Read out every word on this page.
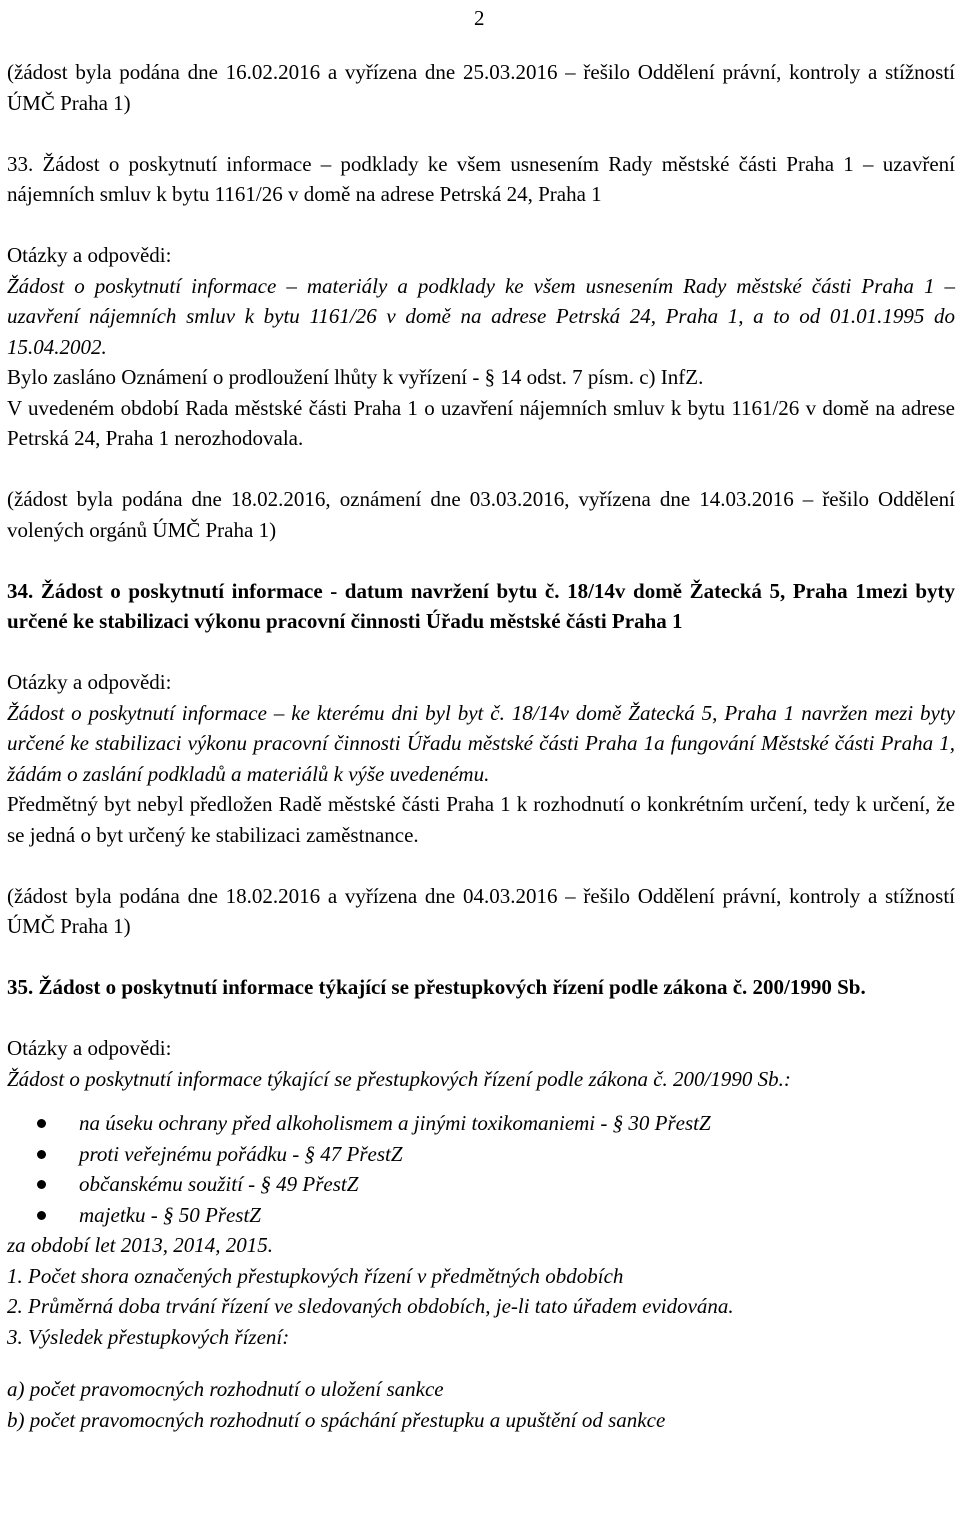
2

(žádost byla podána dne 16.02.2016 a vyřízena dne 25.03.2016 – řešilo Oddělení právní, kontroly a stížností ÚMČ Praha 1)

33. Žádost o poskytnutí informace – podklady ke všem usnesením Rady městské části Praha 1 – uzavření nájemních smluv k bytu 1161/26 v domě na adrese Petrská 24, Praha 1

Otázky a odpovědi:

Žádost o poskytnutí informace – materiály a podklady ke všem usnesením Rady městské části Praha 1 – uzavření nájemních smluv k bytu 1161/26 v domě na adrese Petrská 24, Praha 1, a to od 01.01.1995 do 15.04.2002.

Bylo zasláno Oznámení o prodloužení lhůty k vyřízení - § 14 odst. 7 písm. c) InfZ.

V uvedeném období Rada městské části Praha 1 o uzavření nájemních smluv k bytu 1161/26 v domě na adrese Petrská 24, Praha 1 nerozhodovala.

(žádost byla podána dne 18.02.2016, oznámení dne 03.03.2016, vyřízena dne 14.03.2016 – řešilo Oddělení volených orgánů ÚMČ Praha 1)

34. Žádost o poskytnutí informace - datum navržení bytu č. 18/14v domě Žatecká 5, Praha 1mezi byty určené ke stabilizaci výkonu pracovní činnosti Úřadu městské části Praha 1

Otázky a odpovědi:

Žádost o poskytnutí informace – ke kterému dni byl byt č. 18/14v domě Žatecká 5, Praha 1 navržen mezi byty určené ke stabilizaci výkonu pracovní činnosti Úřadu městské části Praha 1a fungování Městské části Praha 1, žádám o zaslání podkladů a materiálů k výše uvedenému.

Předmětný byt nebyl předložen Radě městské části Praha 1 k rozhodnutí o konkrétním určení, tedy k určení, že se jedná o byt určený ke stabilizaci zaměstnance.

(žádost byla podána dne 18.02.2016 a vyřízena dne 04.03.2016 – řešilo Oddělení právní, kontroly a stížností ÚMČ Praha 1)

35. Žádost o poskytnutí informace týkající se přestupkových řízení podle zákona č. 200/1990 Sb.

Otázky a odpovědi:

Žádost o poskytnutí informace týkající se přestupkových řízení podle zákona č. 200/1990 Sb.:

na úseku ochrany před alkoholismem a jinými toxikomaniemi - § 30 PřestZ
proti veřejnému pořádku - § 47 PřestZ
občanskému soužití - § 49 PřestZ
majetku - § 50 PřestZ

za období let 2013, 2014, 2015.

1. Počet shora označených přestupkových řízení v předmětných obdobích

2. Průměrná doba trvání řízení ve sledovaných obdobích, je-li tato úřadem evidována.

3. Výsledek přestupkových řízení:

a) počet pravomocných rozhodnutí o uložení sankce

b) počet pravomocných rozhodnutí o spáchání přestupku a upuštění od sankce
